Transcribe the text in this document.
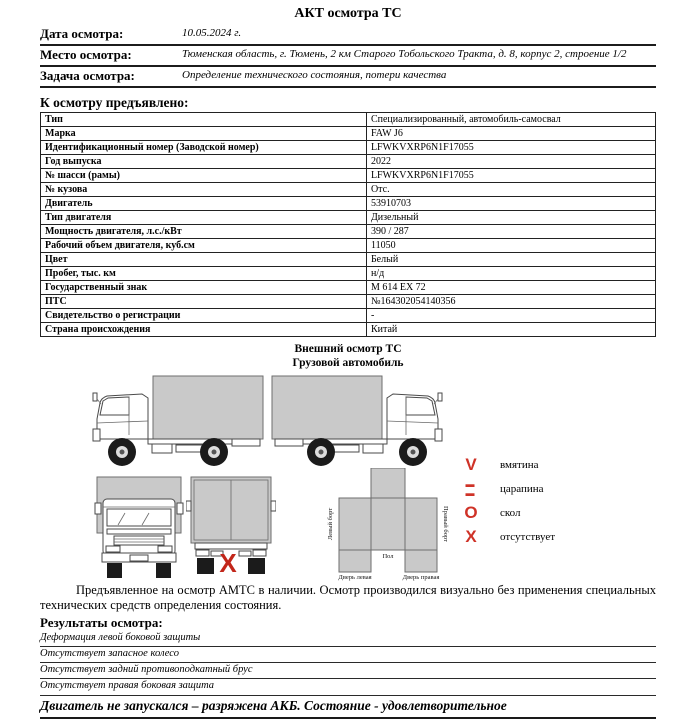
АКТ осмотра ТС
Дата осмотра:	10.05.2024 г.
Место осмотра:	Тюменская область, г. Тюмень, 2 км Старого Тобольского Тракта, д. 8, корпус 2, строение 1/2
Задача осмотра:	Определение технического состояния, потери качества
К осмотру предъявлено:
Тип	Специализированный, автомобиль-самосвал
Марка	FAW J6
Идентификационный номер (Заводской номер)	LFWKVXRP6N1F17055
Год выпуска	2022
№ шасси (рамы)	LFWKVXRP6N1F17055
№ кузова	Отс.
Двигатель	53910703
Тип двигателя	Дизельный
Мощность двигателя, л.с./кВт	390 / 287
Рабочий объем двигателя, куб.см	11050
Цвет	Белый
Пробег, тыс. км	н/д
Государственный знак	М 614 ЕХ 72
ПТС	№164302054140356
Свидетельство о регистрации	-
Страна происхождения	Китай
Внешний осмотр ТС
Грузовой автомобиль
X	Пол
Дверь левая	Дверь правая
Левый борт	Правый борт
V	вмятина
▬ ▬	царапина
O	скол
X	отсутствует
Предъявленное на осмотр АМТС в наличии. Осмотр производился визуально без применения специальных технических средств определения состояния.
Результаты осмотра:
Деформация левой боковой защиты
Отсутствует запасное колесо
Отсутствует задний противоподкатный брус
Отсутствует правая боковая защита
Двигатель не запускался – разряжена АКБ. Состояние - удовлетворительное
